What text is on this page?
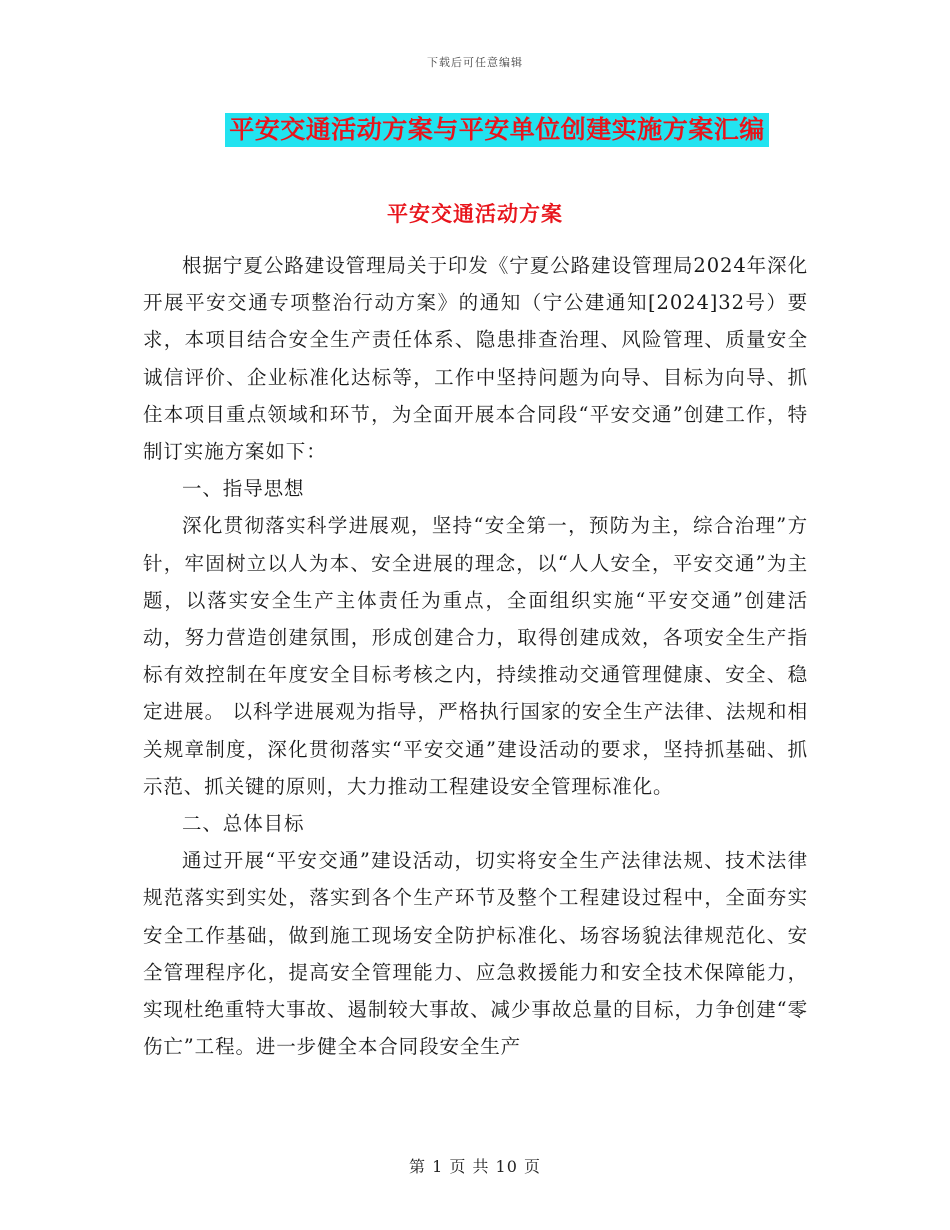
下载后可任意编辑
平安交通活动方案与平安单位创建实施方案汇编
平安交通活动方案

根据宁夏公路建设管理局关于印发《宁夏公路建设管理局2024年深化开展平安交通专项整治行动方案》的通知（宁公建通知[2024]32号）要求，本项目结合安全生产责任体系、隐患排查治理、风险管理、质量安全诚信评价、企业标准化达标等，工作中坚持问题为向导、目标为向导、抓住本项目重点领域和环节，为全面开展本合同段“平安交通”创建工作，特制订实施方案如下：

一、指导思想

深化贯彻落实科学进展观，坚持“安全第一，预防为主，综合治理”方针，牢固树立以人为本、安全进展的理念，以“人人安全，平安交通”为主题，以落实安全生产主体责任为重点，全面组织实施“平安交通”创建活动，努力营造创建氛围，形成创建合力，取得创建成效，各项安全生产指标有效控制在年度安全目标考核之内，持续推动交通管理健康、安全、稳定进展。 以科学进展观为指导，严格执行国家的安全生产法律、法规和相关规章制度，深化贯彻落实“平安交通”建设活动的要求，坚持抓基础、抓示范、抓关键的原则，大力推动工程建设安全管理标准化。

二、总体目标

通过开展“平安交通”建设活动，切实将安全生产法律法规、技术法律规范落实到实处，落实到各个生产环节及整个工程建设过程中，全面夯实安全工作基础，做到施工现场安全防护标准化、场容场貌法律规范化、安全管理程序化，提高安全管理能力、应急救援能力和安全技术保障能力，实现杜绝重特大事故、遏制较大事故、减少事故总量的目标，力争创建“零伤亡”工程。进一步健全本合同段安全生产

第 1 页 共 10 页
